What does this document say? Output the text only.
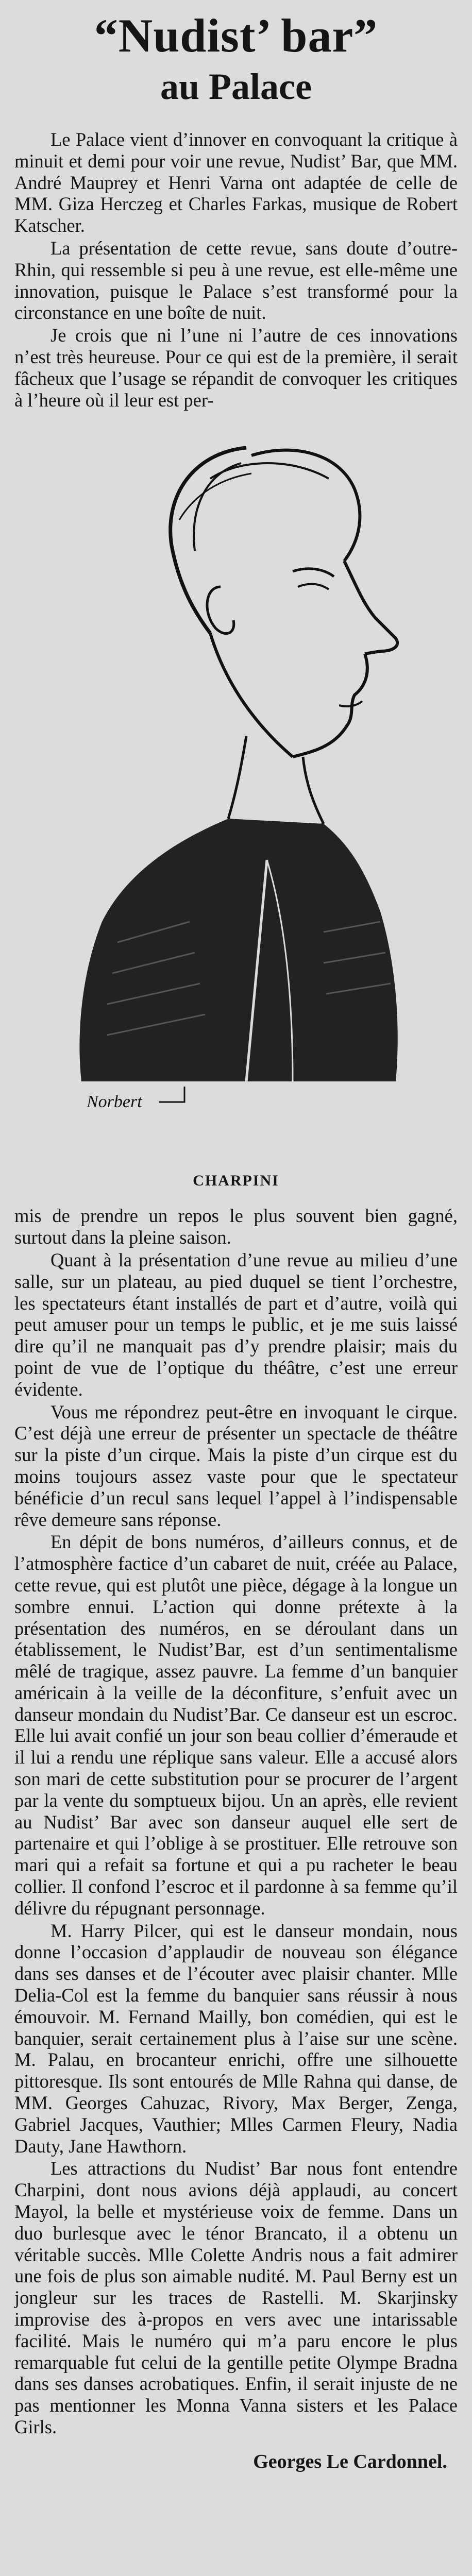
“Nudist’ bar”
au Palace

Le Palace vient d’innover en convoquant la critique à minuit et demi pour voir une revue, Nudist’ Bar, que MM. André Mauprey et Henri Varna ont adaptée de celle de MM. Giza Herczeg et Charles Farkas, musique de Robert Katscher.

La présentation de cette revue, sans doute d’outre-Rhin, qui ressemble si peu à une revue, est elle-même une innovation, puisque le Palace s’est transformé pour la circonstance en une boîte de nuit.

Je crois que ni l’une ni l’autre de ces innovations n’est très heureuse. Pour ce qui est de la première, il serait fâcheux que l’usage se répandit de convoquer les critiques à l’heure où il leur est per-

Norbert
CHARPINI

mis de prendre un repos le plus souvent bien gagné, surtout dans la pleine saison.

Quant à la présentation d’une revue au milieu d’une salle, sur un plateau, au pied duquel se tient l’orchestre, les spectateurs étant installés de part et d’autre, voilà qui peut amuser pour un temps le public, et je me suis laissé dire qu’il ne manquait pas d’y prendre plaisir; mais du point de vue de l’optique du théâtre, c’est une erreur évidente.

Vous me répondrez peut-être en invoquant le cirque. C’est déjà une erreur de présenter un spectacle de théâtre sur la piste d’un cirque. Mais la piste d’un cirque est du moins toujours assez vaste pour que le spectateur bénéficie d’un recul sans lequel l’appel à l’indispensable rêve demeure sans réponse.

En dépit de bons numéros, d’ailleurs connus, et de l’atmosphère factice d’un cabaret de nuit, créée au Palace, cette revue, qui est plutôt une pièce, dégage à la longue un sombre ennui. L’action qui donne prétexte à la présentation des numéros, en se déroulant dans un établissement, le Nudist’Bar, est d’un sentimentalisme mêlé de tragique, assez pauvre. La femme d’un banquier américain à la veille de la déconfiture, s’enfuit avec un danseur mondain du Nudist’Bar. Ce danseur est un escroc. Elle lui avait confié un jour son beau collier d’émeraude et il lui a rendu une réplique sans valeur. Elle a accusé alors son mari de cette substitution pour se procurer de l’argent par la vente du somptueux bijou. Un an après, elle revient au Nudist’ Bar avec son danseur auquel elle sert de partenaire et qui l’oblige à se prostituer. Elle retrouve son mari qui a refait sa fortune et qui a pu racheter le beau collier. Il confond l’escroc et il pardonne à sa femme qu’il délivre du répugnant personnage.

M. Harry Pilcer, qui est le danseur mondain, nous donne l’occasion d’applaudir de nouveau son élégance dans ses danses et de l’écouter avec plaisir chanter. Mlle Delia-Col est la femme du banquier sans réussir à nous émouvoir. M. Fernand Mailly, bon comédien, qui est le banquier, serait certainement plus à l’aise sur une scène. M. Palau, en brocanteur enrichi, offre une silhouette pittoresque. Ils sont entourés de Mlle Rahna qui danse, de MM. Georges Cahuzac, Rivory, Max Berger, Zenga, Gabriel Jacques, Vauthier; Mlles Carmen Fleury, Nadia Dauty, Jane Hawthorn.

Les attractions du Nudist’ Bar nous font entendre Charpini, dont nous avions déjà applaudi, au concert Mayol, la belle et mystérieuse voix de femme. Dans un duo burlesque avec le ténor Brancato, il a obtenu un véritable succès. Mlle Colette Andris nous a fait admirer une fois de plus son aimable nudité. M. Paul Berny est un jongleur sur les traces de Rastelli. M. Skarjinsky improvise des à-propos en vers avec une intarissable facilité. Mais le numéro qui m’a paru encore le plus remarquable fut celui de la gentille petite Olympe Bradna dans ses danses acrobatiques. Enfin, il serait injuste de ne pas mentionner les Monna Vanna sisters et les Palace Girls.

Georges Le Cardonnel.
